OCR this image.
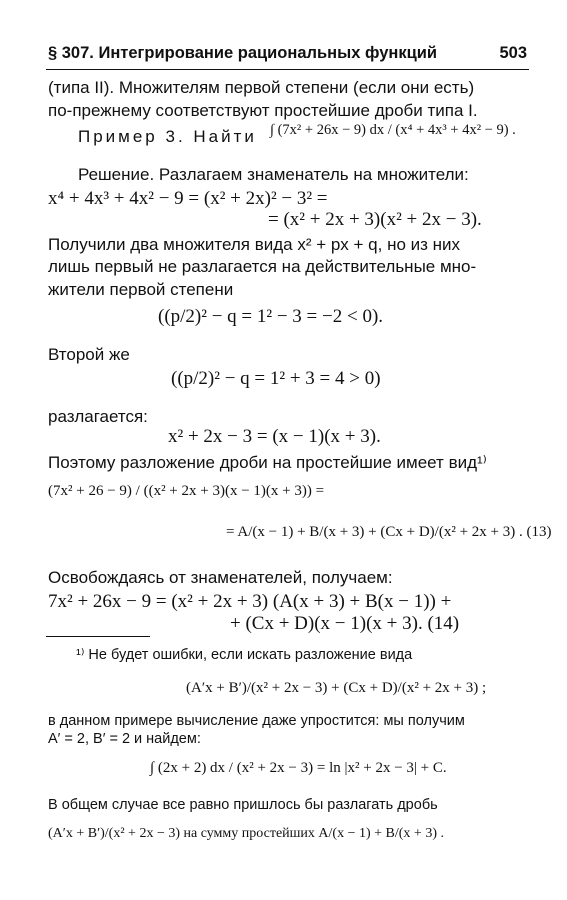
§ 307. Интегрирование рациональных функций	503
(типа II). Множителям первой степени (если они есть)
по-прежнему соответствуют простейшие дроби типа I.
Пример 3. Найти ∫ (7x² + 26x − 9) dx / (x⁴ + 4x³ + 4x² − 9) .
Решение. Разлагаем знаменатель на множители:
x⁴ + 4x³ + 4x² − 9 = (x² + 2x)² − 3² =
= (x² + 2x + 3)(x² + 2x − 3).
Получили два множителя вида x² + px + q, но из них
лишь первый не разлагается на действительные мно-
жители первой степени
((p/2)² − q = 1² − 3 = −2 < 0).
Второй же
((p/2)² − q = 1² + 3 = 4 > 0)
разлагается:
x² + 2x − 3 = (x − 1)(x + 3).
Поэтому разложение дроби на простейшие имеет вид¹⁾
(7x² + 26 − 9) / ((x² + 2x + 3)(x − 1)(x + 3)) =
= A/(x − 1) + B/(x + 3) + (Cx + D)/(x² + 2x + 3) . (13)
Освобождаясь от знаменателей, получаем:
7x² + 26x − 9 = (x² + 2x + 3) (A(x + 3) + B(x − 1)) +
+ (Cx + D)(x − 1)(x + 3). (14)
¹⁾ Не будет ошибки, если искать разложение вида
(A′x + B′)/(x² + 2x − 3) + (Cx + D)/(x² + 2x + 3) ;
в данном примере вычисление даже упростится: мы получим
A′ = 2, B′ = 2 и найдем:
∫ (2x + 2) dx / (x² + 2x − 3) = ln |x² + 2x − 3| + C.
В общем случае все равно пришлось бы разлагать дробь
(A′x + B′)/(x² + 2x − 3) на сумму простейших A/(x − 1) + B/(x + 3) .
